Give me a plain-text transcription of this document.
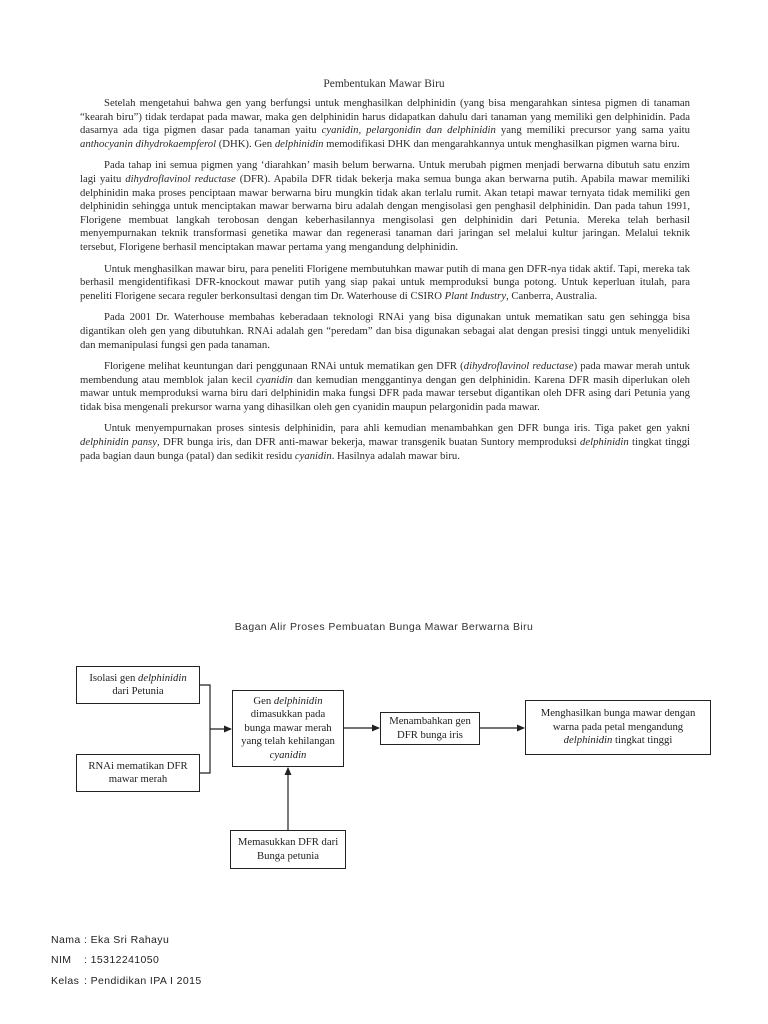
Pembentukan Mawar Biru

Setelah mengetahui bahwa gen yang berfungsi untuk menghasilkan delphinidin (yang bisa mengarahkan sintesa pigmen di tanaman “kearah biru”) tidak terdapat pada mawar, maka gen delphinidin harus didapatkan dahulu dari tanaman yang memiliki gen delphinidin. Pada dasarnya ada tiga pigmen dasar pada tanaman yaitu cyanidin, pelargonidin dan delphinidin yang memiliki precursor yang sama yaitu anthocyanin dihydrokaempferol (DHK). Gen delphinidin memodifikasi DHK dan mengarahkannya untuk menghasilkan pigmen warna biru.

Pada tahap ini semua pigmen yang ‘diarahkan’ masih belum berwarna. Untuk merubah pigmen menjadi berwarna dibutuh satu enzim lagi yaitu dihydroflavinol reductase (DFR). Apabila DFR tidak bekerja maka semua bunga akan berwarna putih. Apabila mawar memiliki delphinidin maka proses penciptaan mawar berwarna biru mungkin tidak akan terlalu rumit. Akan tetapi mawar ternyata tidak memiliki gen delphinidin sehingga untuk menciptakan mawar berwarna biru adalah dengan mengisolasi gen penghasil delphinidin. Dan pada tahun 1991, Florigene membuat langkah terobosan dengan keberhasilannya mengisolasi gen delphinidin dari Petunia. Mereka telah berhasil menyempurnakan teknik transformasi genetika mawar dan regenerasi tanaman dari jaringan sel melalui kultur jaringan. Melalui teknik tersebut, Florigene berhasil menciptakan mawar pertama yang mengandung delphinidin.

Untuk menghasilkan mawar biru, para peneliti Florigene membutuhkan mawar putih di mana gen DFR-nya tidak aktif. Tapi, mereka tak berhasil mengidentifikasi DFR-knockout mawar putih yang siap pakai untuk memproduksi bunga potong. Untuk keperluan itulah, para peneliti Florigene secara reguler berkonsultasi dengan tim Dr. Waterhouse di CSIRO Plant Industry, Canberra, Australia.

Pada 2001 Dr. Waterhouse membahas keberadaan teknologi RNAi yang bisa digunakan untuk mematikan satu gen sehingga bisa digantikan oleh gen yang dibutuhkan. RNAi adalah gen “peredam” dan bisa digunakan sebagai alat dengan presisi tinggi untuk menyelidiki dan memanipulasi fungsi gen pada tanaman.

Florigene melihat keuntungan dari penggunaan RNAi untuk mematikan gen DFR (dihydroflavinol reductase) pada mawar merah untuk membendung atau memblok jalan kecil cyanidin dan kemudian menggantinya dengan gen delphinidin. Karena DFR masih diperlukan oleh mawar untuk memproduksi warna biru dari delphinidin maka fungsi DFR pada mawar tersebut digantikan oleh DFR asing dari Petunia yang tidak bisa mengenali prekursor warna yang dihasilkan oleh gen cyanidin maupun pelargonidin pada mawar.

Untuk menyempurnakan proses sintesis delphinidin, para ahli kemudian menambahkan gen DFR bunga iris. Tiga paket gen yakni delphinidin pansy, DFR bunga iris, dan DFR anti-mawar bekerja, mawar transgenik buatan Suntory memproduksi delphinidin tingkat tinggi pada bagian daun bunga (patal) dan sedikit residu cyanidin. Hasilnya adalah mawar biru.

Bagan Alir Proses Pembuatan Bunga Mawar Berwarna Biru
Isolasi gen delphinidin dari Petunia
RNAi mematikan DFR mawar merah
Gen delphinidin dimasukkan pada bunga mawar merah yang telah kehilangan cyanidin
Menambahkan gen DFR bunga iris
Menghasilkan bunga mawar dengan warna pada petal mengandung delphinidin tingkat tinggi
Memasukkan DFR dari Bunga petunia
Nama : Eka Sri Rahayu
NIM : 15312241050
Kelas : Pendidikan IPA I 2015
